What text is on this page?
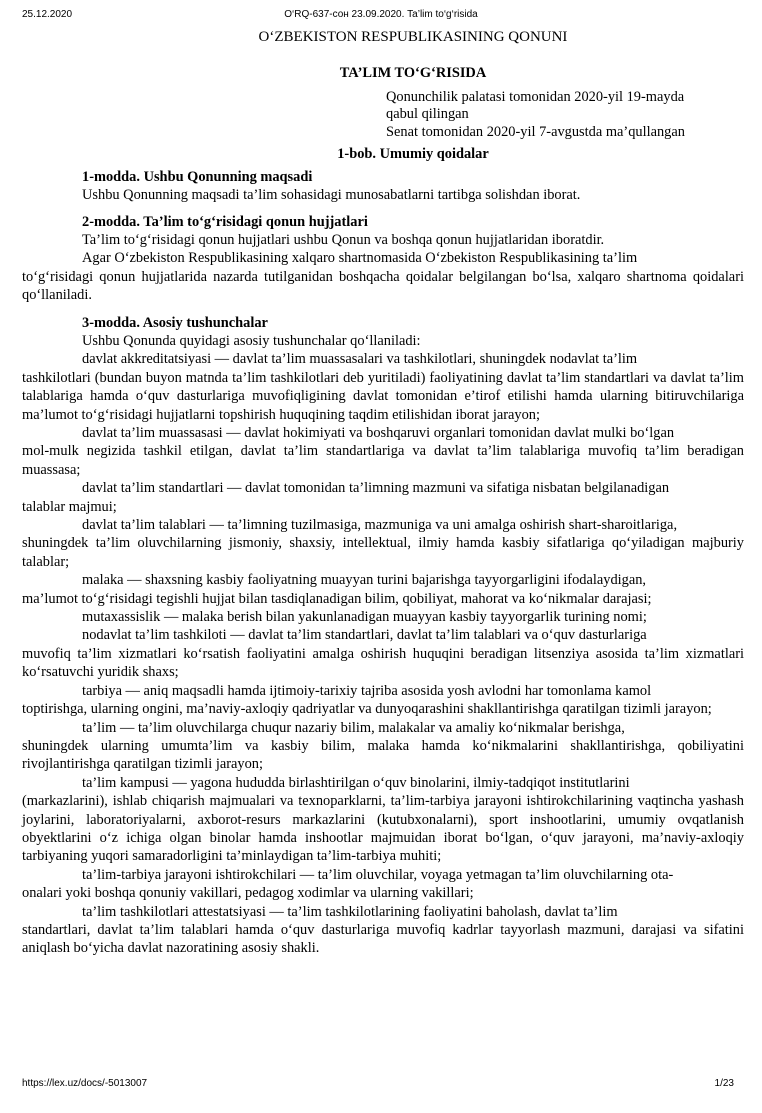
25.12.2020	O‘RQ-637-сон 23.09.2020. Ta’lim to‘g‘risida
O‘ZBEKISTON RESPUBLIKASINING QONUNI
TA’LIM TO‘G‘RISIDA
Qonunchilik palatasi tomonidan 2020-yil 19-mayda
qabul qilingan
Senat tomonidan 2020-yil 7-avgustda ma’qullangan
1-bob. Umumiy qoidalar
1-modda. Ushbu Qonunning maqsadi

Ushbu Qonunning maqsadi ta’lim sohasidagi munosabatlarni tartibga solishdan iborat.

2-modda. Ta’lim to‘g‘risidagi qonun hujjatlari

Ta’lim to‘g‘risidagi qonun hujjatlari ushbu Qonun va boshqa qonun hujjatlaridan iboratdir.

Agar O‘zbekiston Respublikasining xalqaro shartnomasida O‘zbekiston Respublikasining ta’lim
to‘g‘risidagi qonun hujjatlarida nazarda tutilganidan boshqacha qoidalar belgilangan bo‘lsa, xalqaro shartnoma qoidalari qo‘llaniladi.
3-modda. Asosiy tushunchalar

Ushbu Qonunda quyidagi asosiy tushunchalar qo‘llaniladi:

davlat akkreditatsiyasi — davlat ta’lim muassasalari va tashkilotlari, shuningdek nodavlat ta’lim
tashkilotlari (bundan buyon matnda ta’lim tashkilotlari deb yuritiladi) faoliyatining davlat ta’lim standartlari va davlat ta’lim talablariga hamda o‘quv dasturlariga muvofiqligining davlat tomonidan e’tirof etilishi hamda ularning bitiruvchilariga ma’lumot to‘g‘risidagi hujjatlarni topshirish huquqining taqdim etilishidan iborat jarayon;
davlat ta’lim muassasasi — davlat hokimiyati va boshqaruvi organlari tomonidan davlat mulki bo‘lgan
mol-mulk negizida tashkil etilgan, davlat ta’lim standartlariga va davlat ta’lim talablariga muvofiq ta’lim beradigan muassasa;
davlat ta’lim standartlari — davlat tomonidan ta’limning mazmuni va sifatiga nisbatan belgilanadigan
talablar majmui;
davlat ta’lim talablari — ta’limning tuzilmasiga, mazmuniga va uni amalga oshirish shart-sharoitlariga,
shuningdek ta’lim oluvchilarning jismoniy, shaxsiy, intellektual, ilmiy hamda kasbiy sifatlariga qo‘yiladigan majburiy talablar;
malaka — shaxsning kasbiy faoliyatning muayyan turini bajarishga tayyorgarligini ifodalaydigan,
ma’lumot to‘g‘risidagi tegishli hujjat bilan tasdiqlanadigan bilim, qobiliyat, mahorat va ko‘nikmalar darajasi;
mutaxassislik — malaka berish bilan yakunlanadigan muayyan kasbiy tayyorgarlik turining nomi;
nodavlat ta’lim tashkiloti — davlat ta’lim standartlari, davlat ta’lim talablari va o‘quv dasturlariga
muvofiq ta’lim xizmatlari ko‘rsatish faoliyatini amalga oshirish huquqini beradigan litsenziya asosida ta’lim xizmatlari ko‘rsatuvchi yuridik shaxs;
tarbiya — aniq maqsadli hamda ijtimoiy-tarixiy tajriba asosida yosh avlodni har tomonlama kamol
toptirishga, ularning ongini, ma’naviy-axloqiy qadriyatlar va dunyoqarashini shakllantirishga qaratilgan tizimli jarayon;
ta’lim — ta’lim oluvchilarga chuqur nazariy bilim, malakalar va amaliy ko‘nikmalar berishga,
shuningdek ularning umumta’lim va kasbiy bilim, malaka hamda ko‘nikmalarini shakllantirishga, qobiliyatini rivojlantirishga qaratilgan tizimli jarayon;
ta’lim kampusi — yagona hududda birlashtirilgan o‘quv binolarini, ilmiy-tadqiqot institutlarini
(markazlarini), ishlab chiqarish majmualari va texnoparklarni, ta’lim-tarbiya jarayoni ishtirokchilarining vaqtincha yashash joylarini, laboratoriyalarni, axborot-resurs markazlarini (kutubxonalarni), sport inshootlarini, umumiy ovqatlanish obyektlarini o‘z ichiga olgan binolar hamda inshootlar majmuidan iborat bo‘lgan, o‘quv jarayoni, ma’naviy-axloqiy tarbiyaning yuqori samaradorligini ta’minlaydigan ta’lim-tarbiya muhiti;
ta’lim-tarbiya jarayoni ishtirokchilari — ta’lim oluvchilar, voyaga yetmagan ta’lim oluvchilarning ota-
onalari yoki boshqa qonuniy vakillari, pedagog xodimlar va ularning vakillari;
ta’lim tashkilotlari attestatsiyasi — ta’lim tashkilotlarining faoliyatini baholash, davlat ta’lim
standartlari, davlat ta’lim talablari hamda o‘quv dasturlariga muvofiq kadrlar tayyorlash mazmuni, darajasi va sifatini aniqlash bo‘yicha davlat nazoratining asosiy shakli.
https://lex.uz/docs/-5013007	1/23
